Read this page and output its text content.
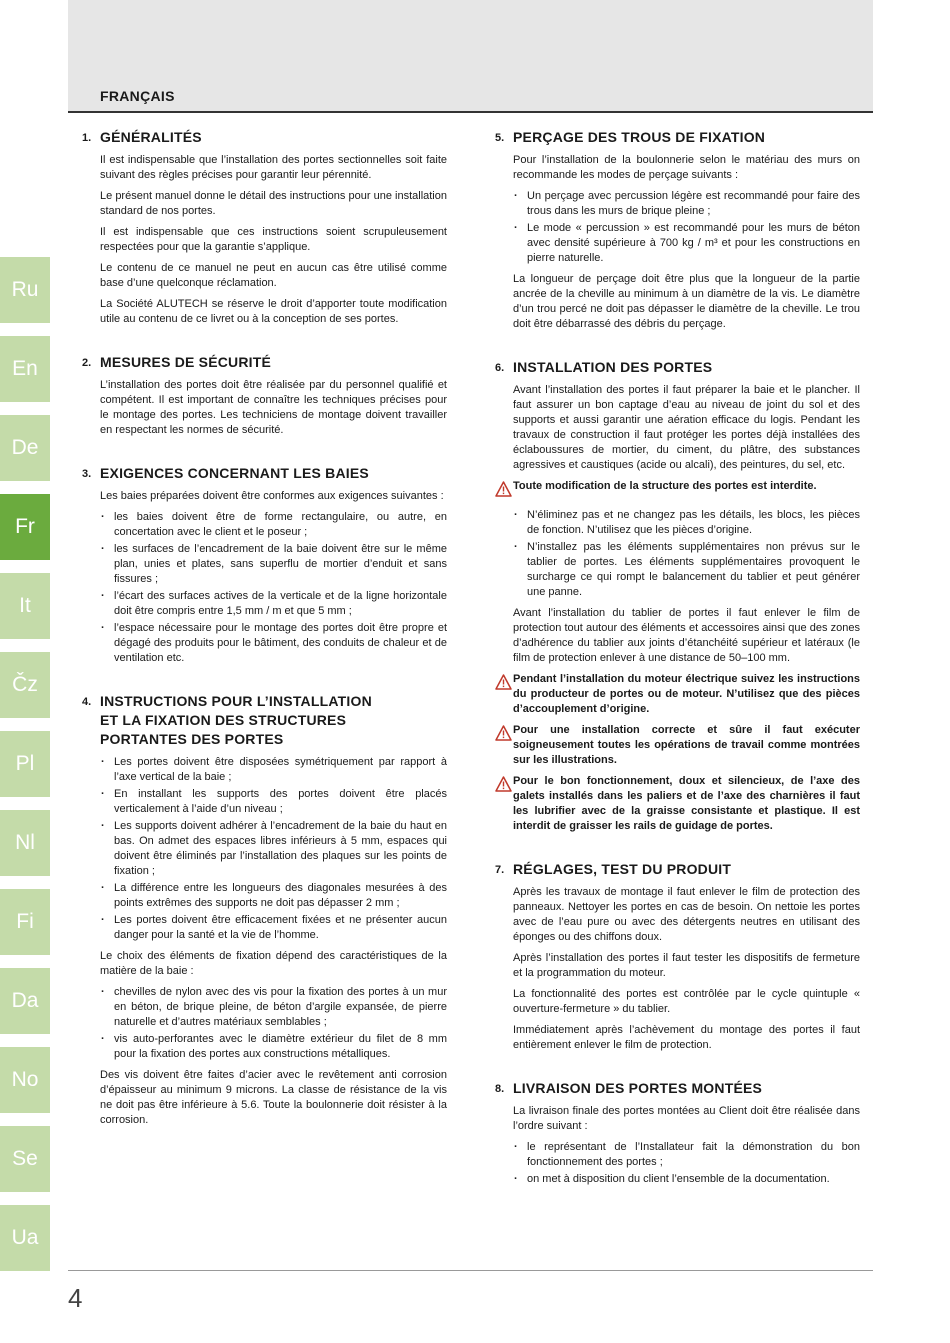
FRANÇAIS
Ru
En
De
Fr
It
Čz
Pl
Nl
Fi
Da
No
Se
Ua
1. GÉNÉRALITÉS

Il est indispensable que l’installation des portes sectionnelles soit faite suivant des règles précises pour garantir leur pérennité.

Le présent manuel donne le détail des instructions pour une installation standard de nos portes.

Il est indispensable que ces instructions soient scrupuleusement respectées pour que la garantie s’applique.

Le contenu de ce manuel ne peut en aucun cas être utilisé comme base d’une quelconque réclamation.

La Société ALUTECH se réserve le droit d’apporter toute modification utile au contenu de ce livret ou à la conception de ses portes.

2. MESURES DE SÉCURITÉ

L’installation des portes doit être réalisée par du personnel qualifié et compétent. Il est important de connaître les techniques précises pour le montage des portes. Les techniciens de montage doivent travailler en respectant les normes de sécurité.

3. EXIGENCES CONCERNANT LES BAIES

Les baies préparées doivent être conformes aux exigences suivantes :

· les baies doivent être de forme rectangulaire, ou autre, en concertation avec le client et le poseur ;
· les surfaces de l’encadrement de la baie doivent être sur le même plan, unies et plates, sans superflu de mortier d’enduit et sans fissures ;
· l’écart des surfaces actives de la verticale et de la ligne horizontale doit être compris entre 1,5 mm / m et que 5 mm ;
· l’espace nécessaire pour le montage des portes doit être propre et dégagé des produits pour le bâtiment, des conduits de chaleur et de ventilation etc.
4. INSTRUCTIONS POUR L’INSTALLATION
ET LA FIXATION DES STRUCTURES
PORTANTES DES PORTES
· Les portes doivent être disposées symétriquement par rapport à l’axe vertical de la baie ;
· En installant les supports des portes doivent être placés verticalement à l’aide d’un niveau ;
· Les supports doivent adhérer à l’encadrement de la baie du haut en bas. On admet des espaces libres inférieurs à 5 mm, espaces qui doivent être éliminés par l’installation des plaques sur les points de fixation ;
· La différence entre les longueurs des diagonales mesurées à des points extrêmes des supports ne doit pas dépasser 2 mm ;
· Les portes doivent être efficacement fixées et ne présenter aucun danger pour la santé et la vie de l’homme.

Le choix des éléments de fixation dépend des caractéristiques de la matière de la baie :

· chevilles de nylon avec des vis pour la fixation des portes à un mur en béton, de brique pleine, de béton d’argile expansée, de pierre naturelle et d’autres matériaux semblables ;
· vis auto-perforantes avec le diamètre extérieur du filet de 8 mm pour la fixation des portes aux constructions métalliques.

Des vis doivent être faites d’acier avec le revêtement anti corrosion d’épaisseur au minimum 9 microns. La classe de résistance de la vis ne doit pas être inférieure à 5.6. Toute la boulonnerie doit résister à la corrosion.

5. PERÇAGE DES TROUS DE FIXATION

Pour l’installation de la boulonnerie selon le matériau des murs on recommande les modes de perçage suivants :

· Un perçage avec percussion légère est recommandé pour faire des trous dans les murs de brique pleine ;
· Le mode « percussion » est recommandé pour les murs de béton avec densité supérieure à 700 kg / m³ et pour les constructions en pierre naturelle.

La longueur de perçage doit être plus que la longueur de la partie ancrée de la cheville au minimum à un diamètre de la vis. Le diamètre d’un trou percé ne doit pas dépasser le diamètre de la cheville. Le trou doit être débarrassé des débris du perçage.

6. INSTALLATION DES PORTES

Avant l’installation des portes il faut préparer la baie et le plancher. Il faut assurer un bon captage d’eau au niveau de joint du sol et des supports et aussi garantir une aération efficace du logis. Pendant les travaux de construction il faut protéger les portes déjà installées des éclaboussures de mortier, du ciment, du plâtre, des substances agressives et caustiques (acide ou alcali), des peintures, du sel, etc.

Toute modification de la structure des portes est interdite.
· N’éliminez pas et ne changez pas les détails, les blocs, les pièces de fonction. N’utilisez que les pièces d’origine.
· N’installez pas les éléments supplémentaires non prévus sur le tablier de portes. Les éléments supplémentaires provoquent le surcharge ce qui rompt le balancement du tablier et peut générer une panne.

Avant l’installation du tablier de portes il faut enlever le film de protection tout autour des éléments et accessoires ainsi que des zones d’adhérence du tablier aux joints d’étanchéité supérieur et latéraux (le film de protection enlever à une distance de 50–100 mm.

Pendant l’installation du moteur électrique suivez les instructions du producteur de portes ou de moteur. N’utilisez que des pièces d’accouplement d’origine.
Pour une installation correcte et sûre il faut exécuter soigneusement toutes les opérations de travail comme montrées sur les illustrations.
Pour le bon fonctionnement, doux et silencieux, de l’axe des galets installés dans les paliers et de l’axe des charnières il faut les lubrifier avec de la graisse consistante et plastique. Il est interdit de graisser les rails de guidage de portes.
7. RÉGLAGES, TEST DU PRODUIT

Après les travaux de montage il faut enlever le film de protection des panneaux. Nettoyer les portes en cas de besoin. On nettoie les portes avec de l’eau pure ou avec des détergents neutres en utilisant des éponges ou des chiffons doux.

Après l’installation des portes il faut tester les dispositifs de fermeture et la programmation du moteur.

La fonctionnalité des portes est contrôlée par le cycle quintuple « ouverture-fermeture » du tablier.

Immédiatement après l’achèvement du montage des portes il faut entièrement enlever le film de protection.

8. LIVRAISON DES PORTES MONTÉES

La livraison finale des portes montées au Client doit être réalisée dans l’ordre suivant :

· le représentant de l’Installateur fait la démonstration du bon fonctionnement des portes ;
· on met à disposition du client l’ensemble de la documentation.
4
